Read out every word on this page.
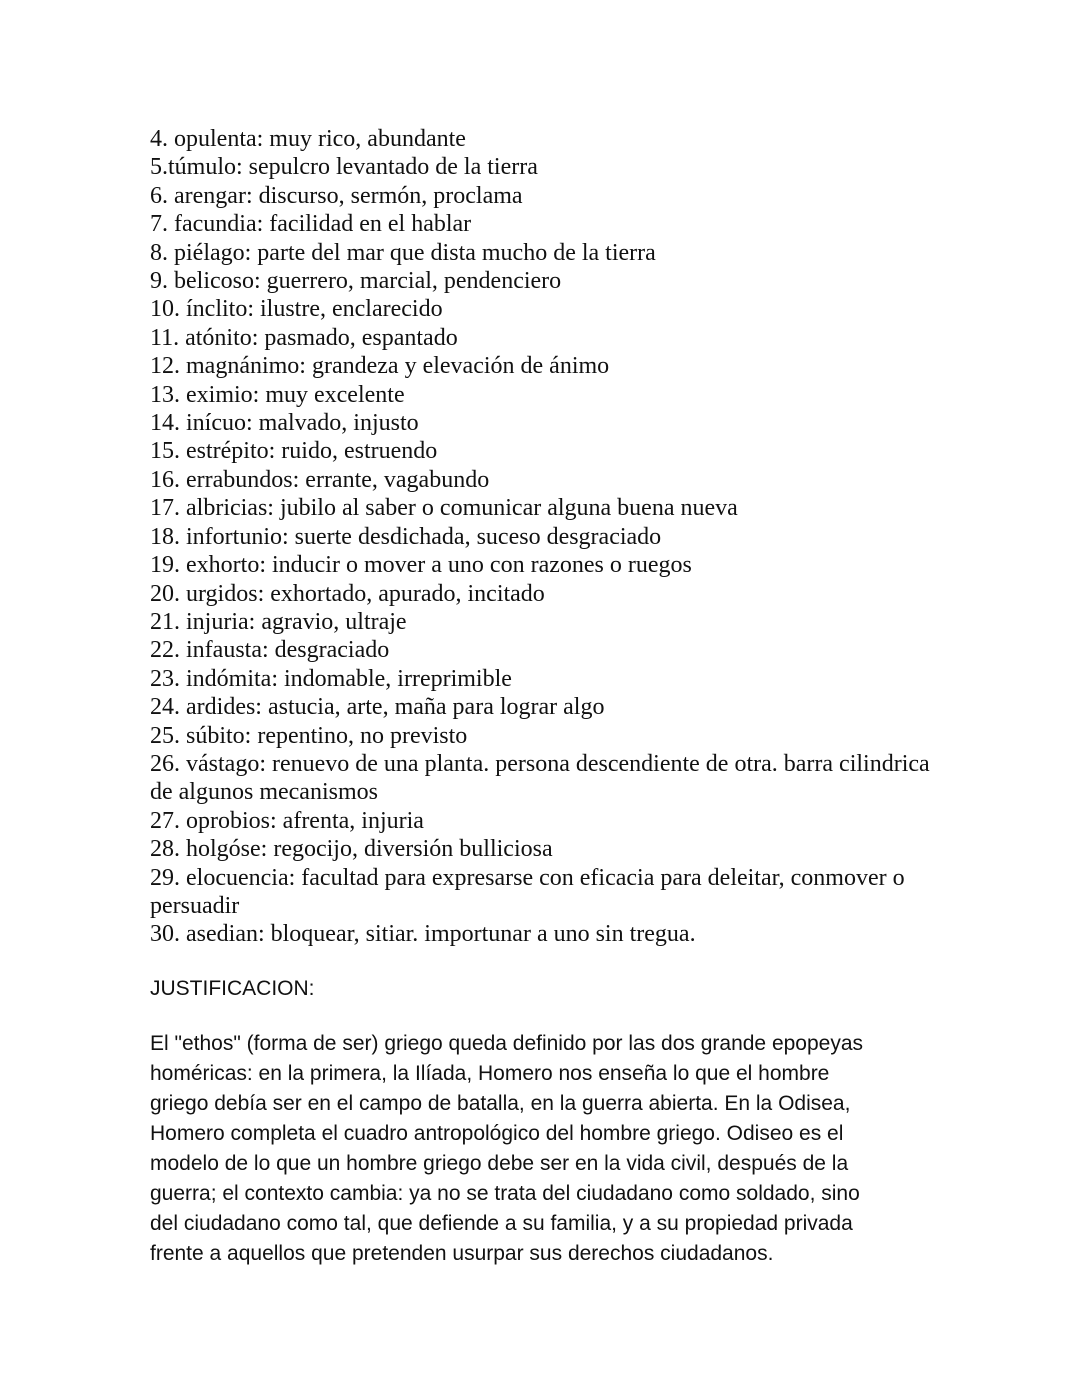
4. opulenta: muy rico, abundante
5.túmulo: sepulcro levantado de la tierra
6. arengar: discurso, sermón, proclama
7. facundia: facilidad en el hablar
8. piélago: parte del mar que dista mucho de la tierra
9. belicoso: guerrero, marcial, pendenciero
10. ínclito: ilustre, enclarecido
11. atónito: pasmado, espantado
12. magnánimo: grandeza y elevación de ánimo
13. eximio: muy excelente
14. inícuo: malvado, injusto
15. estrépito: ruido, estruendo
16. errabundos: errante, vagabundo
17. albricias: jubilo al saber o comunicar alguna buena nueva
18. infortunio: suerte desdichada, suceso desgraciado
19. exhorto: inducir o mover a uno con razones o ruegos
20. urgidos: exhortado, apurado, incitado
21. injuria: agravio, ultraje
22. infausta: desgraciado
23. indómita: indomable, irreprimible
24. ardides: astucia, arte, maña para lograr algo
25. súbito: repentino, no previsto
26. vástago: renuevo de una planta. persona descendiente de otra. barra cilindrica de algunos mecanismos
27. oprobios: afrenta, injuria
28. holgóse: regocijo, diversión bulliciosa
29. elocuencia: facultad para expresarse con eficacia para deleitar, conmover o persuadir
30. asedian: bloquear, sitiar. importunar a uno sin tregua.
JUSTIFICACION:

El "ethos" (forma de ser) griego queda definido por las dos grande epopeyas
homéricas: en la primera, la Ilíada, Homero nos enseña lo que el hombre
griego debía ser en el campo de batalla, en la guerra abierta. En la Odisea,
Homero completa el cuadro antropológico del hombre griego. Odiseo es el
modelo de lo que un hombre griego debe ser en la vida civil, después de la
guerra; el contexto cambia: ya no se trata del ciudadano como soldado, sino
del ciudadano como tal, que defiende a su familia, y a su propiedad privada
frente a aquellos que pretenden usurpar sus derechos ciudadanos.
